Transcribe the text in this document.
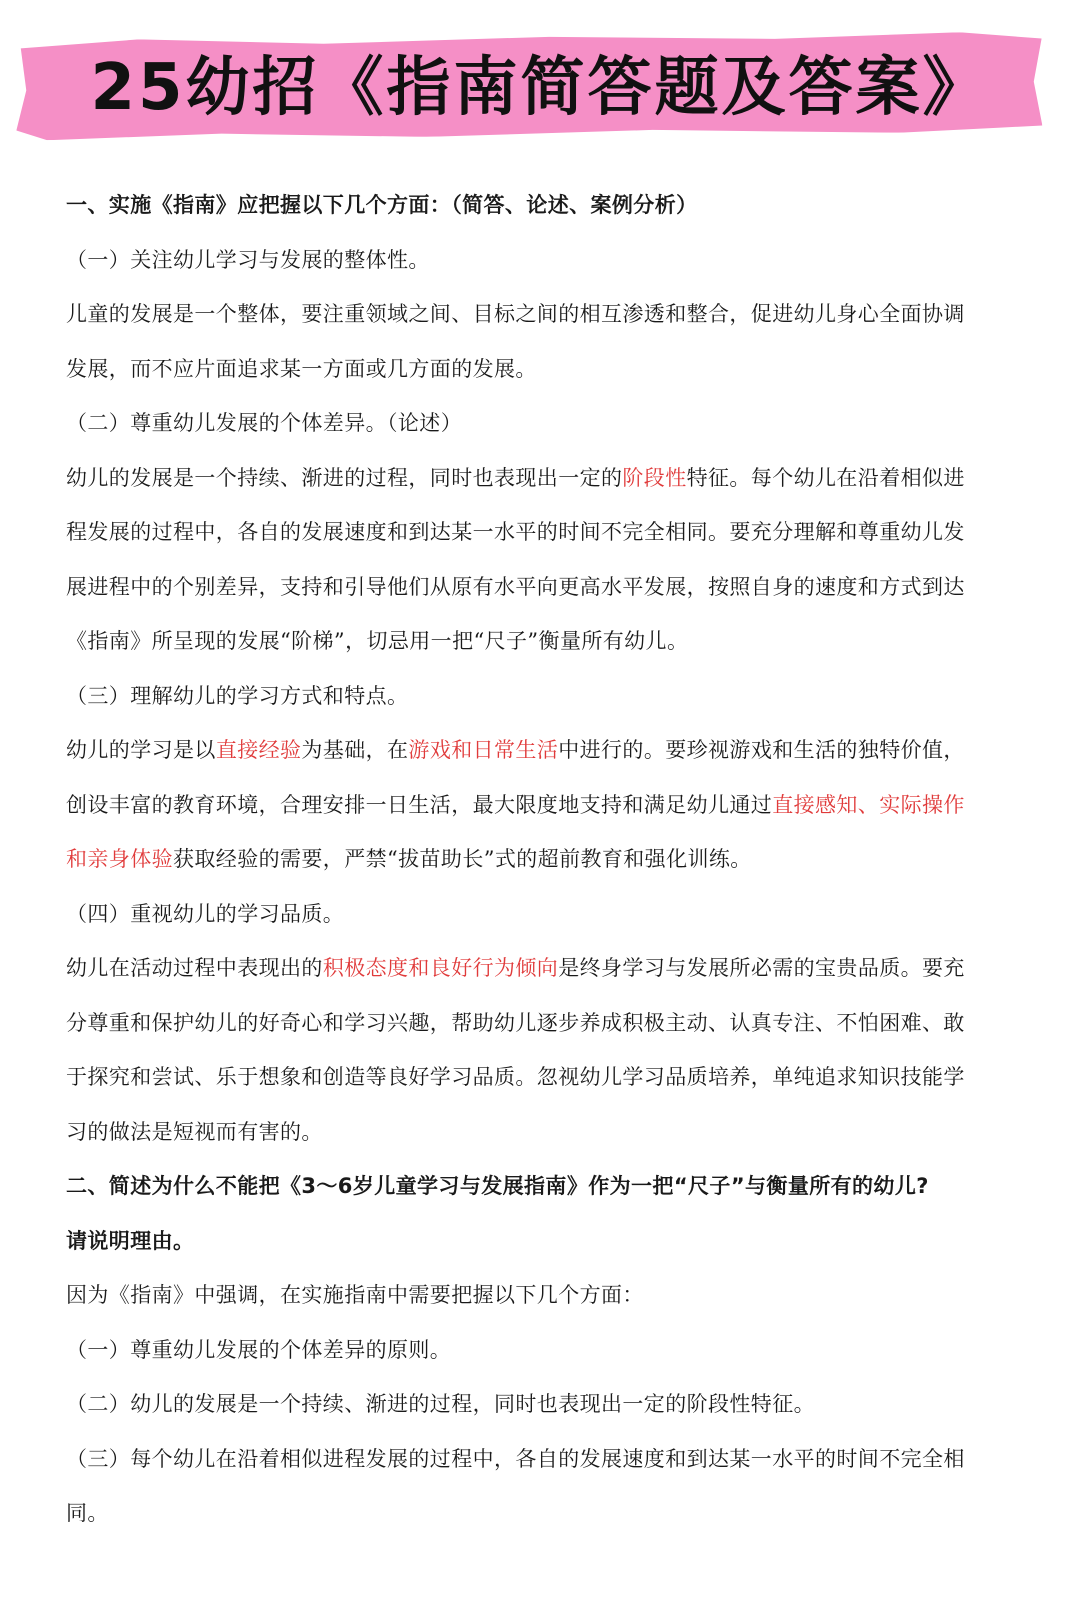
25幼招《指南简答题及答案》
一、实施《指南》应把握以下几个方面：（简答、论述、案例分析）
（一）关注幼儿学习与发展的整体性。
儿童的发展是一个整体，要注重领域之间、目标之间的相互渗透和整合，促进幼儿身心全面协调
发展，而不应片面追求某一方面或几方面的发展。
（二）尊重幼儿发展的个体差异。（论述）
幼儿的发展是一个持续、渐进的过程，同时也表现出一定的阶段性特征。每个幼儿在沿着相似进
程发展的过程中，各自的发展速度和到达某一水平的时间不完全相同。要充分理解和尊重幼儿发
展进程中的个别差异，支持和引导他们从原有水平向更高水平发展，按照自身的速度和方式到达
《指南》所呈现的发展“阶梯”，切忌用一把“尺子”衡量所有幼儿。
（三）理解幼儿的学习方式和特点。
幼儿的学习是以直接经验为基础，在游戏和日常生活中进行的。要珍视游戏和生活的独特价值，
创设丰富的教育环境，合理安排一日生活，最大限度地支持和满足幼儿通过直接感知、实际操作
和亲身体验获取经验的需要，严禁“拔苗助长”式的超前教育和强化训练。
（四）重视幼儿的学习品质。
幼儿在活动过程中表现出的积极态度和良好行为倾向是终身学习与发展所必需的宝贵品质。要充
分尊重和保护幼儿的好奇心和学习兴趣，帮助幼儿逐步养成积极主动、认真专注、不怕困难、敢
于探究和尝试、乐于想象和创造等良好学习品质。忽视幼儿学习品质培养，单纯追求知识技能学
习的做法是短视而有害的。
二、简述为什么不能把《3～6岁儿童学习与发展指南》作为一把“尺子”与衡量所有的幼儿?
请说明理由。
因为《指南》中强调，在实施指南中需要把握以下几个方面：
（一）尊重幼儿发展的个体差异的原则。
（二）幼儿的发展是一个持续、渐进的过程，同时也表现出一定的阶段性特征。
（三）每个幼儿在沿着相似进程发展的过程中，各自的发展速度和到达某一水平的时间不完全相
同。
